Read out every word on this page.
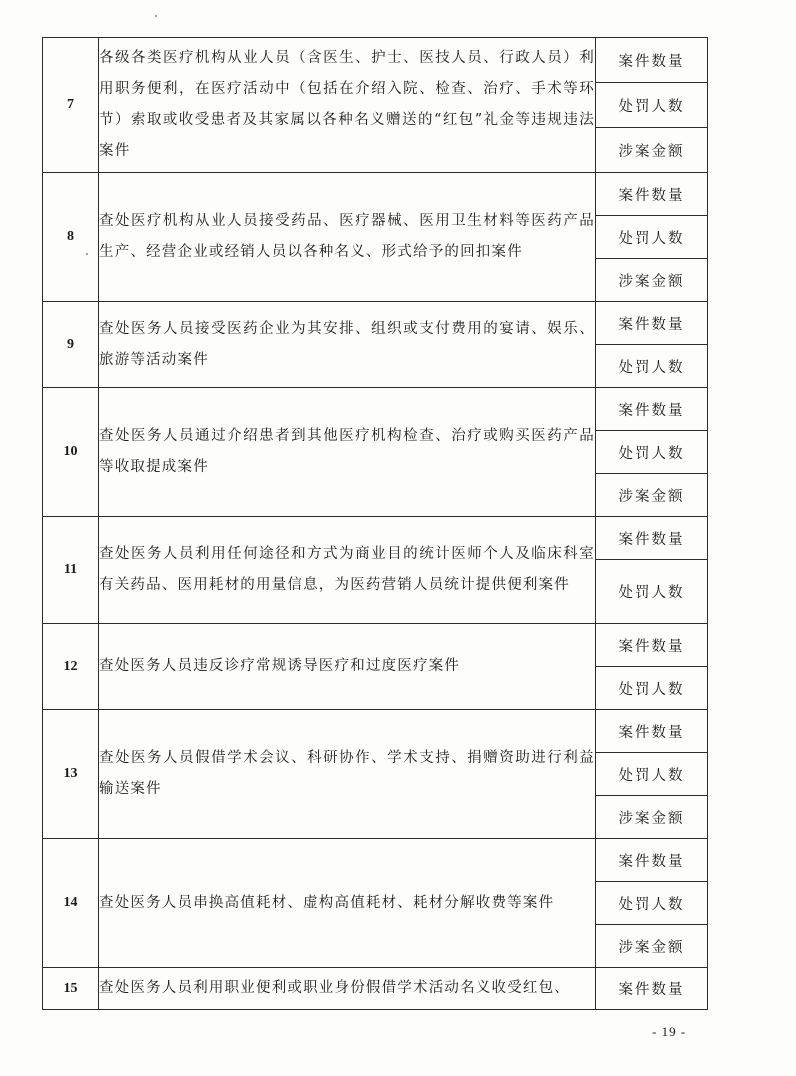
7	各级各类医疗机构从业人员（含医生、护士、医技人员、行政人员）利用职务便利，在医疗活动中（包括在介绍入院、检查、治疗、手术等环节）索取或收受患者及其家属以各种名义赠送的“红包”礼金等违规违法案件	案件数量
		处罚人数
		涉案金额
8	查处医疗机构从业人员接受药品、医疗器械、医用卫生材料等医药产品生产、经营企业或经销人员以各种名义、形式给予的回扣案件	案件数量
		处罚人数
		涉案金额
9	查处医务人员接受医药企业为其安排、组织或支付费用的宴请、娱乐、旅游等活动案件	案件数量
		处罚人数
10	查处医务人员通过介绍患者到其他医疗机构检查、治疗或购买医药产品等收取提成案件	案件数量
		处罚人数
		涉案金额
11	查处医务人员利用任何途径和方式为商业目的统计医师个人及临床科室有关药品、医用耗材的用量信息，为医药营销人员统计提供便利案件	案件数量
		处罚人数
12	查处医务人员违反诊疗常规诱导医疗和过度医疗案件	案件数量
		处罚人数
13	查处医务人员假借学术会议、科研协作、学术支持、捐赠资助进行利益输送案件	案件数量
		处罚人数
		涉案金额
14	查处医务人员串换高值耗材、虚构高值耗材、耗材分解收费等案件	案件数量
		处罚人数
		涉案金额
15	查处医务人员利用职业便利或职业身份假借学术活动名义收受红包、	案件数量
- 19 -
